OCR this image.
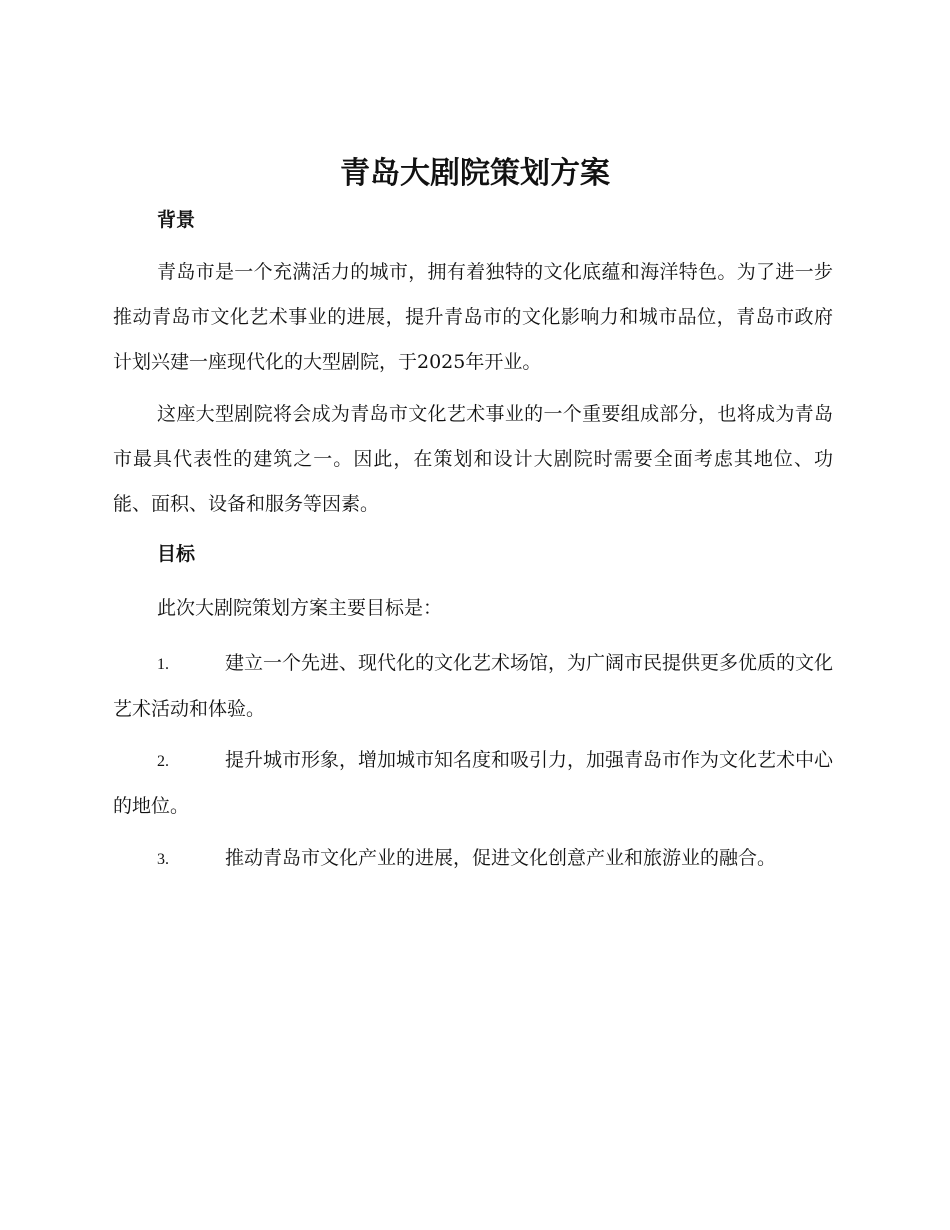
青岛大剧院策划方案
背景

青岛市是一个充满活力的城市，拥有着独特的文化底蕴和海洋特色。为了进一步推动青岛市文化艺术事业的进展，提升青岛市的文化影响力和城市品位，青岛市政府计划兴建一座现代化的大型剧院，于2025年开业。

这座大型剧院将会成为青岛市文化艺术事业的一个重要组成部分，也将成为青岛市最具代表性的建筑之一。因此，在策划和设计大剧院时需要全面考虑其地位、功能、面积、设备和服务等因素。

目标

此次大剧院策划方案主要目标是：

1.	建立一个先进、现代化的文化艺术场馆，为广阔市民提供更多优质的文化艺术活动和体验。

2.	提升城市形象，增加城市知名度和吸引力，加强青岛市作为文化艺术中心的地位。

3.	推动青岛市文化产业的进展，促进文化创意产业和旅游业的融合。
